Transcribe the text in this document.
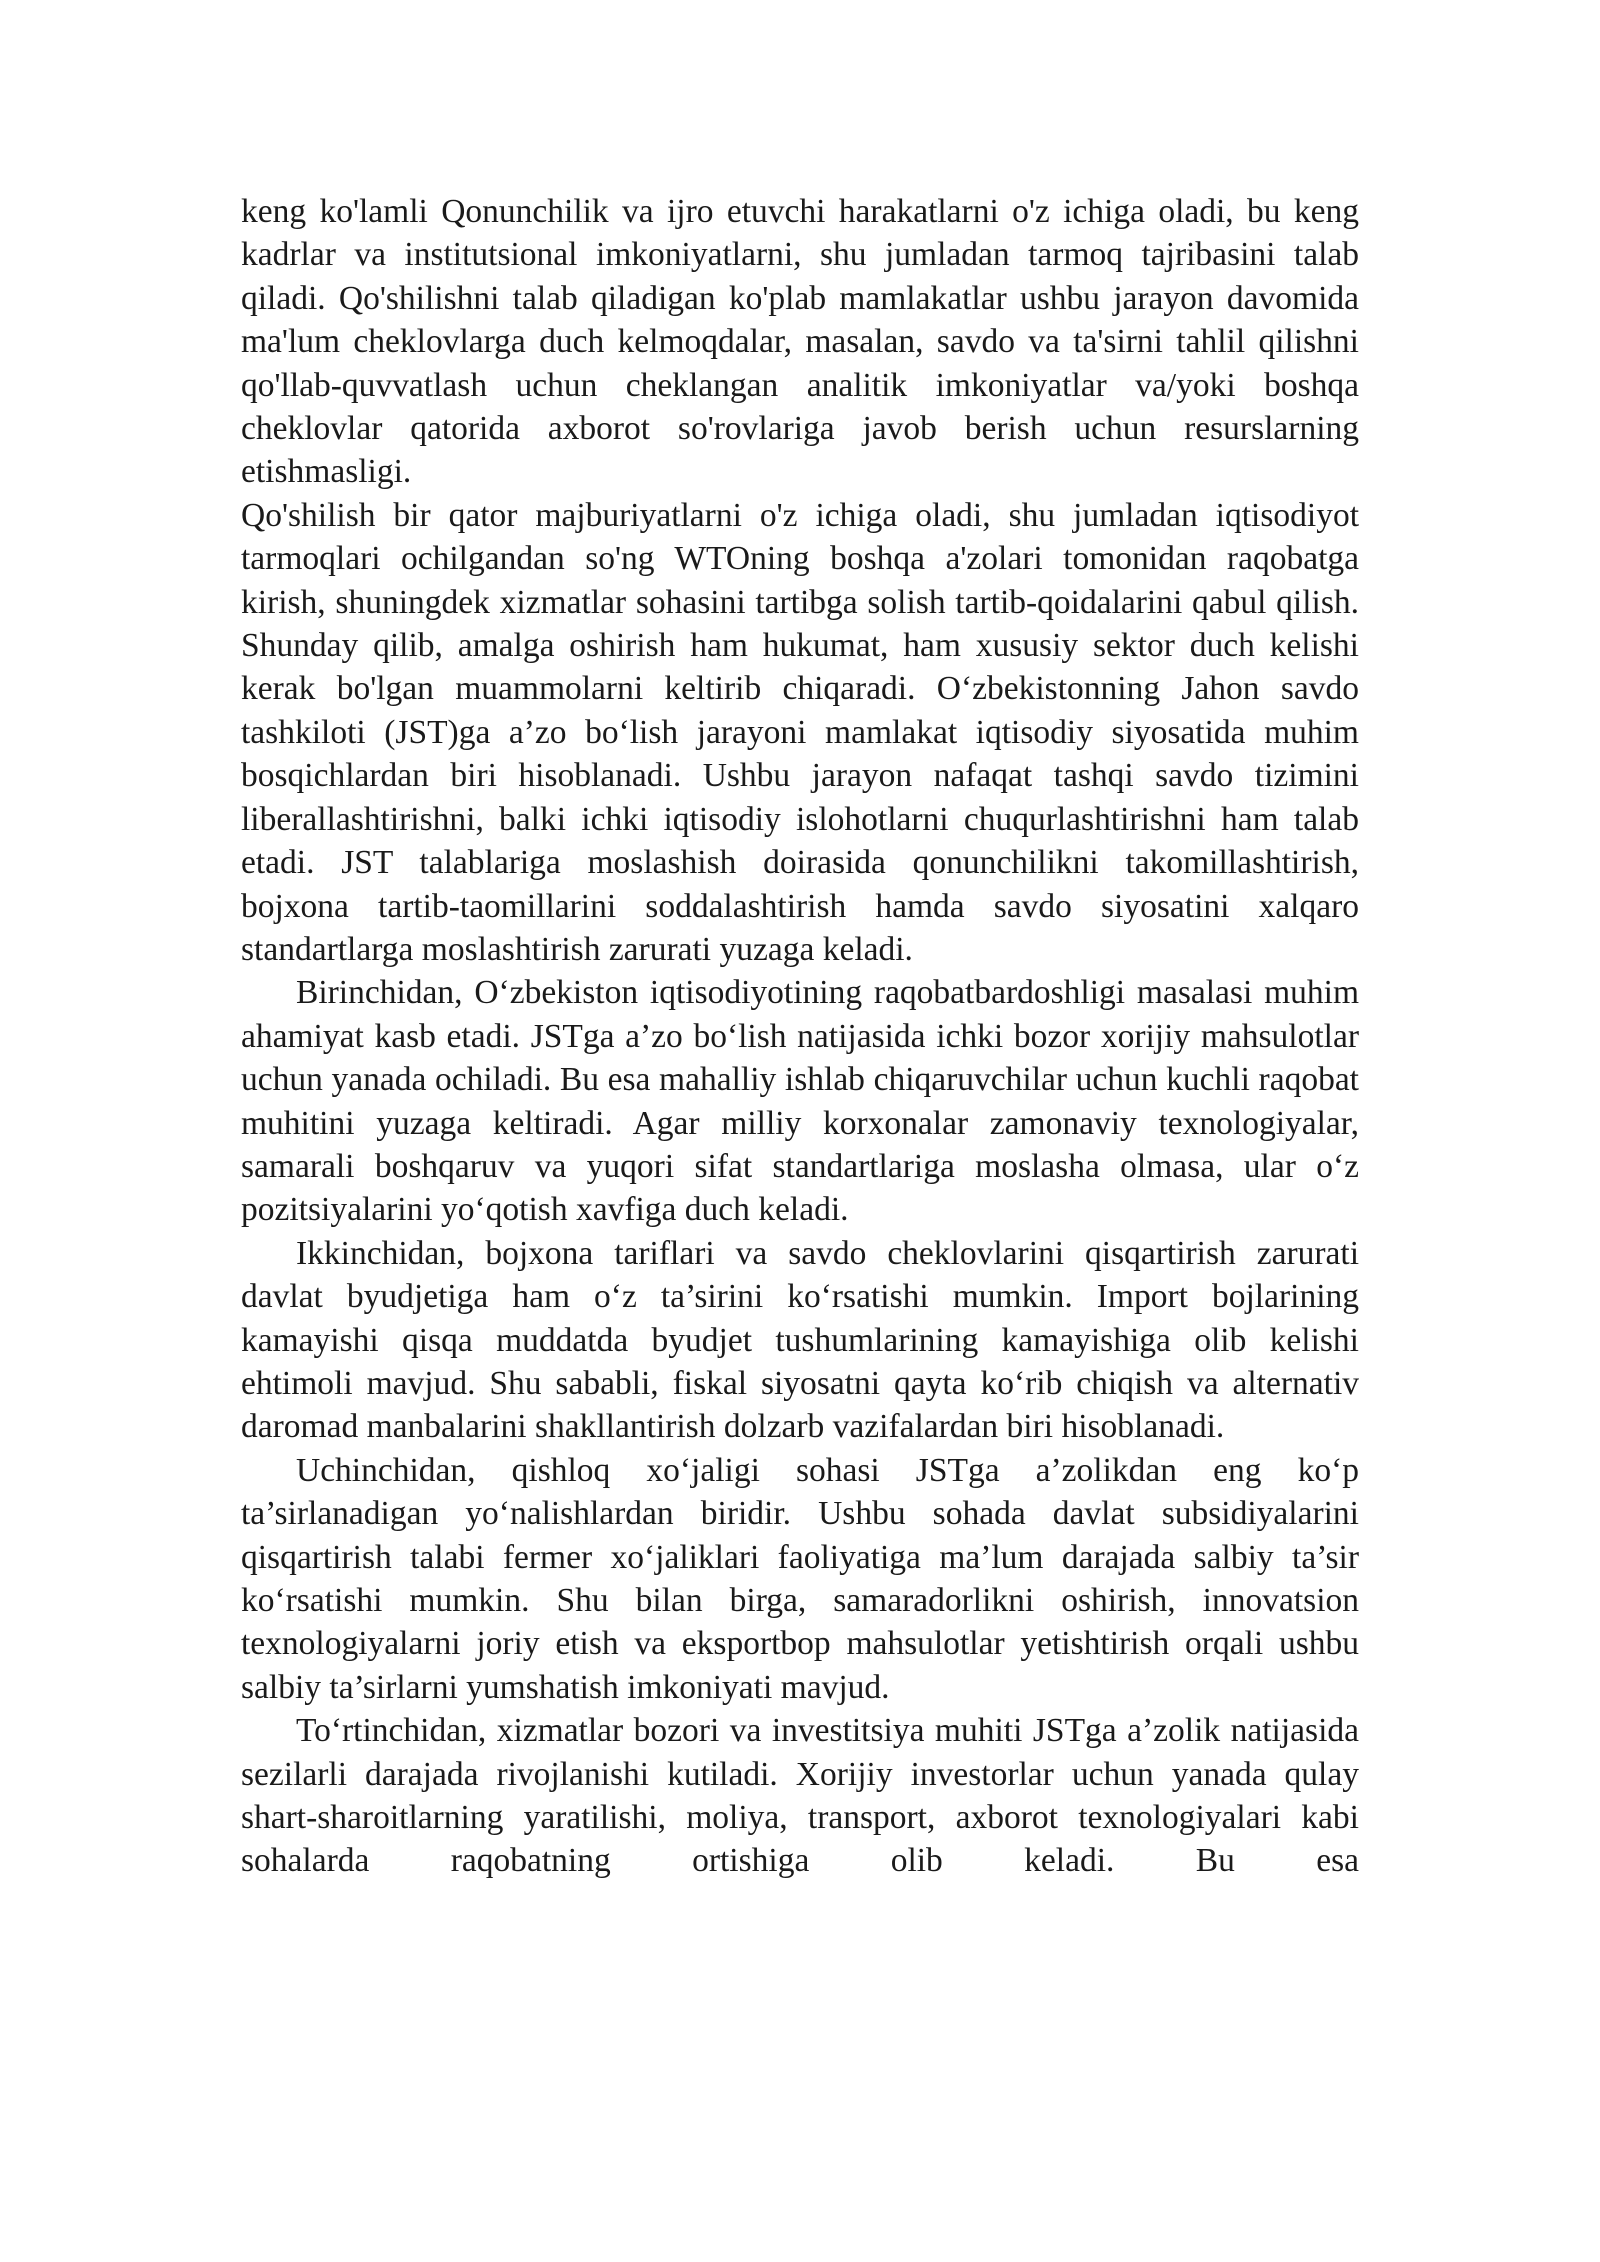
keng ko'lamli Qonunchilik va ijro etuvchi harakatlarni o'z ichiga oladi, bu keng kadrlar va institutsional imkoniyatlarni, shu jumladan tarmoq tajribasini talab qiladi. Qo'shilishni talab qiladigan ko'plab mamlakatlar ushbu jarayon davomida ma'lum cheklovlarga duch kelmoqdalar, masalan, savdo va ta'sirni tahlil qilishni qo'llab-quvvatlash uchun cheklangan analitik imkoniyatlar va/yoki boshqa cheklovlar qatorida axborot so'rovlariga javob berish uchun resurslarning etishmasligi.

Qo'shilish bir qator majburiyatlarni o'z ichiga oladi, shu jumladan iqtisodiyot tarmoqlari ochilgandan so'ng WTOning boshqa a'zolari tomonidan raqobatga kirish, shuningdek xizmatlar sohasini tartibga solish tartib-qoidalarini qabul qilish. Shunday qilib, amalga oshirish ham hukumat, ham xususiy sektor duch kelishi kerak bo'lgan muammolarni keltirib chiqaradi. O‘zbekistonning Jahon savdo tashkiloti (JST)ga a’zo bo‘lish jarayoni mamlakat iqtisodiy siyosatida muhim bosqichlardan biri hisoblanadi. Ushbu jarayon nafaqat tashqi savdo tizimini liberallashtirishni, balki ichki iqtisodiy islohotlarni chuqurlashtirishni ham talab etadi. JST talablariga moslashish doirasida qonunchilikni takomillashtirish, bojxona tartib-taomillarini soddalashtirish hamda savdo siyosatini xalqaro standartlarga moslashtirish zarurati yuzaga keladi.

Birinchidan, O‘zbekiston iqtisodiyotining raqobatbardoshligi masalasi muhim ahamiyat kasb etadi. JSTga a’zo bo‘lish natijasida ichki bozor xorijiy mahsulotlar uchun yanada ochiladi. Bu esa mahalliy ishlab chiqaruvchilar uchun kuchli raqobat muhitini yuzaga keltiradi. Agar milliy korxonalar zamonaviy texnologiyalar, samarali boshqaruv va yuqori sifat standartlariga moslasha olmasa, ular o‘z pozitsiyalarini yo‘qotish xavfiga duch keladi.

Ikkinchidan, bojxona tariflari va savdo cheklovlarini qisqartirish zarurati davlat byudjetiga ham o‘z ta’sirini ko‘rsatishi mumkin. Import bojlarining kamayishi qisqa muddatda byudjet tushumlarining kamayishiga olib kelishi ehtimoli mavjud. Shu sababli, fiskal siyosatni qayta ko‘rib chiqish va alternativ daromad manbalarini shakllantirish dolzarb vazifalardan biri hisoblanadi.

Uchinchidan, qishloq xo‘jaligi sohasi JSTga a’zolikdan eng ko‘p ta’sirlanadigan yo‘nalishlardan biridir. Ushbu sohada davlat subsidiyalarini qisqartirish talabi fermer xo‘jaliklari faoliyatiga ma’lum darajada salbiy ta’sir ko‘rsatishi mumkin. Shu bilan birga, samaradorlikni oshirish, innovatsion texnologiyalarni joriy etish va eksportbop mahsulotlar yetishtirish orqali ushbu salbiy ta’sirlarni yumshatish imkoniyati mavjud.

To‘rtinchidan, xizmatlar bozori va investitsiya muhiti JSTga a’zolik natijasida sezilarli darajada rivojlanishi kutiladi. Xorijiy investorlar uchun yanada qulay shart-sharoitlarning yaratilishi, moliya, transport, axborot texnologiyalari kabi sohalarda raqobatning ortishiga olib keladi. Bu esa
